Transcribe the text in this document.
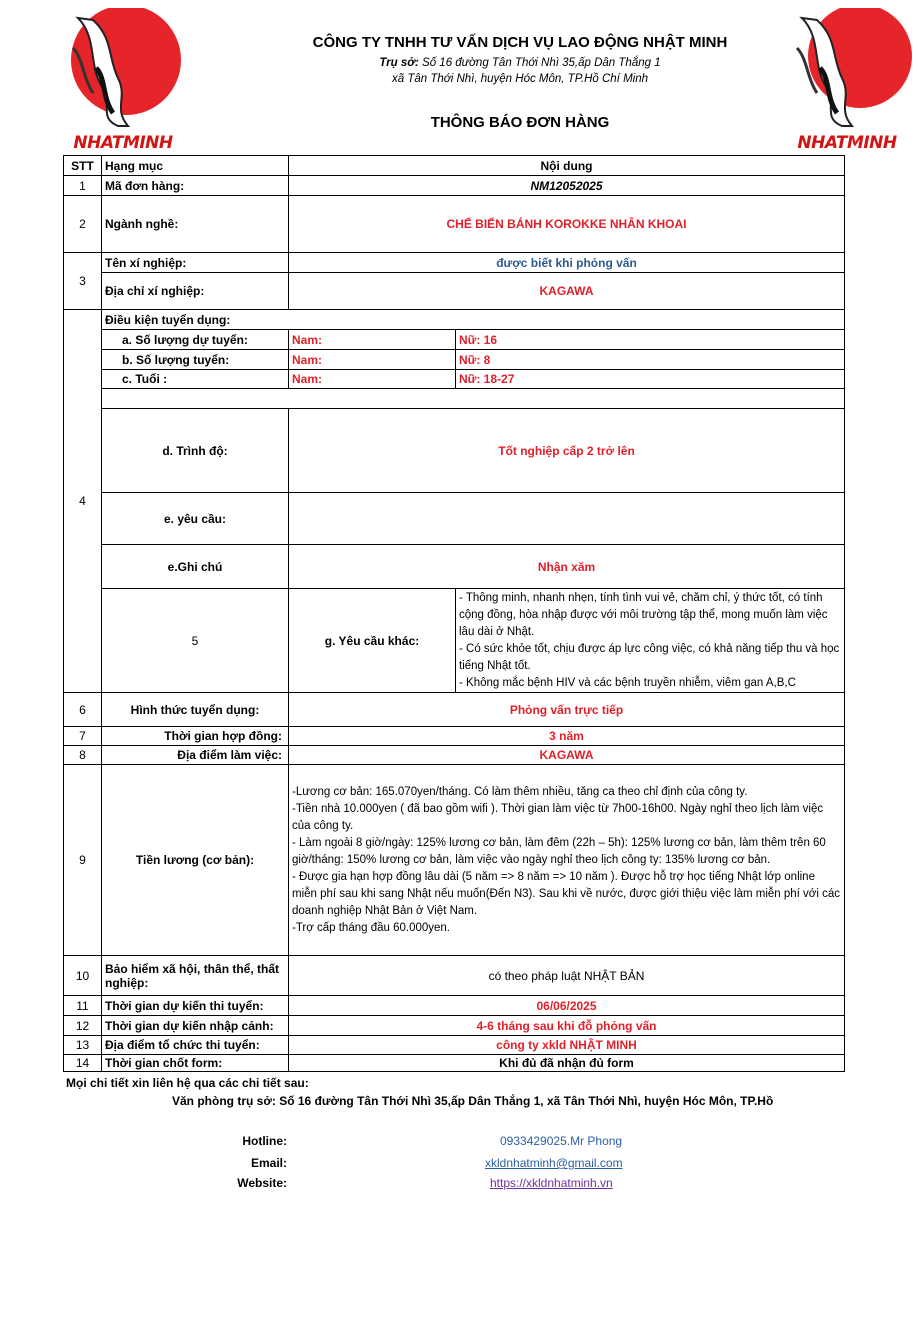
NHATMINH	NHATMINH
CÔNG TY TNHH TƯ VẤN DỊCH VỤ LAO ĐỘNG NHẬT MINH
Trụ sở: Số 16 đường Tân Thới Nhì 35,ấp Dân Thắng 1
xã Tân Thới Nhì, huyện Hóc Môn, TP.Hồ Chí Minh
THÔNG BÁO ĐƠN HÀNG
STT	Hạng mục	Nội dung	
1	Mã đơn hàng:	NM12052025	
2	Ngành nghề:	CHẾ BIẾN BÁNH KOROKKE NHÂN KHOAI	
3	Tên xí nghiệp:	được biết khi phỏng vấn	
	Địa chỉ xí nghiệp:	KAGAWA	
4	Điều kiện tuyển dụng:		
	a. Số lượng dự tuyển:	Nam:	Nữ: 16
	b. Số lượng tuyển:	Nam:	Nữ: 8
	c. Tuổi :	Nam:	Nữ: 18-27

	d. Trình độ:	Tốt nghiệp cấp 2 trở lên	
	e. yêu cầu:		
	e.Ghi chú	Nhận xăm	
	5	g. Yêu cầu khác:	- Thông minh, nhanh nhẹn, tính tình vui vẻ, chăm chỉ, ý thức tốt, có tính cộng đồng, hòa nhập được với môi trường tập thể, mong muốn làm việc lâu dài ở Nhật.
- Có sức khỏe tốt, chịu được áp lực công việc, có khả năng tiếp thu và học tiếng Nhật tốt.
- Không mắc bệnh HIV và các bệnh truyền nhiễm, viêm gan A,B,C

6	Hình thức tuyển dụng:	Phỏng vấn trực tiếp	
7	Thời gian hợp đồng:	3 năm	
8	Địa điểm làm việc:	KAGAWA	
9	Tiền lương (cơ bản):	-Lương cơ bản: 165.070yen/tháng. Có làm thêm nhiều, tăng ca theo chỉ định của công ty.
-Tiền nhà 10.000yen ( đã bao gồm wifi ). Thời gian làm việc từ 7h00-16h00. Ngày nghỉ theo lịch làm việc của công ty.
- Làm ngoài 8 giờ/ngày: 125% lương cơ bản, làm đêm (22h – 5h): 125% lương cơ bản, làm thêm trên 60 giờ/tháng: 150% lương cơ bản, làm việc vào ngày nghỉ theo lịch công ty: 135% lương cơ bản.
- Được gia hạn hợp đồng lâu dài (5 năm => 8 năm => 10 năm ). Được hỗ trợ học tiếng Nhật lớp online miễn phí sau khi sang Nhật nếu muốn(Đến N3). Sau khi về nước, được giới thiệu việc làm miễn phí với các doanh nghiệp Nhật Bản ở Việt Nam.
-Trợ cấp tháng đầu 60.000yen.	

10	Bảo hiểm xã hội, thân thể, thất nghiệp:	có theo pháp luật NHẬT BẢN	
11	Thời gian dự kiến thi tuyển:	06/06/2025	
12	Thời gian dự kiến nhập cảnh:	4-6 tháng sau khi đỗ phỏng vấn	
13	Địa điểm tổ chức thi tuyển:	công ty xkld NHẬT MINH	
14	Thời gian chốt form:	Khi đủ đã nhận đủ form	
Mọi chi tiết xin liên hệ qua các chi tiết sau:
Văn phòng trụ sở: Số 16 đường Tân Thới Nhì 35,ấp Dân Thắng 1, xã Tân Thới Nhì, huyện Hóc Môn, TP.Hồ
Hotline:	0933429025.Mr Phong
Email:	xkldnhatminh@gmail.com
Website:	https://xkldnhatminh.vn
